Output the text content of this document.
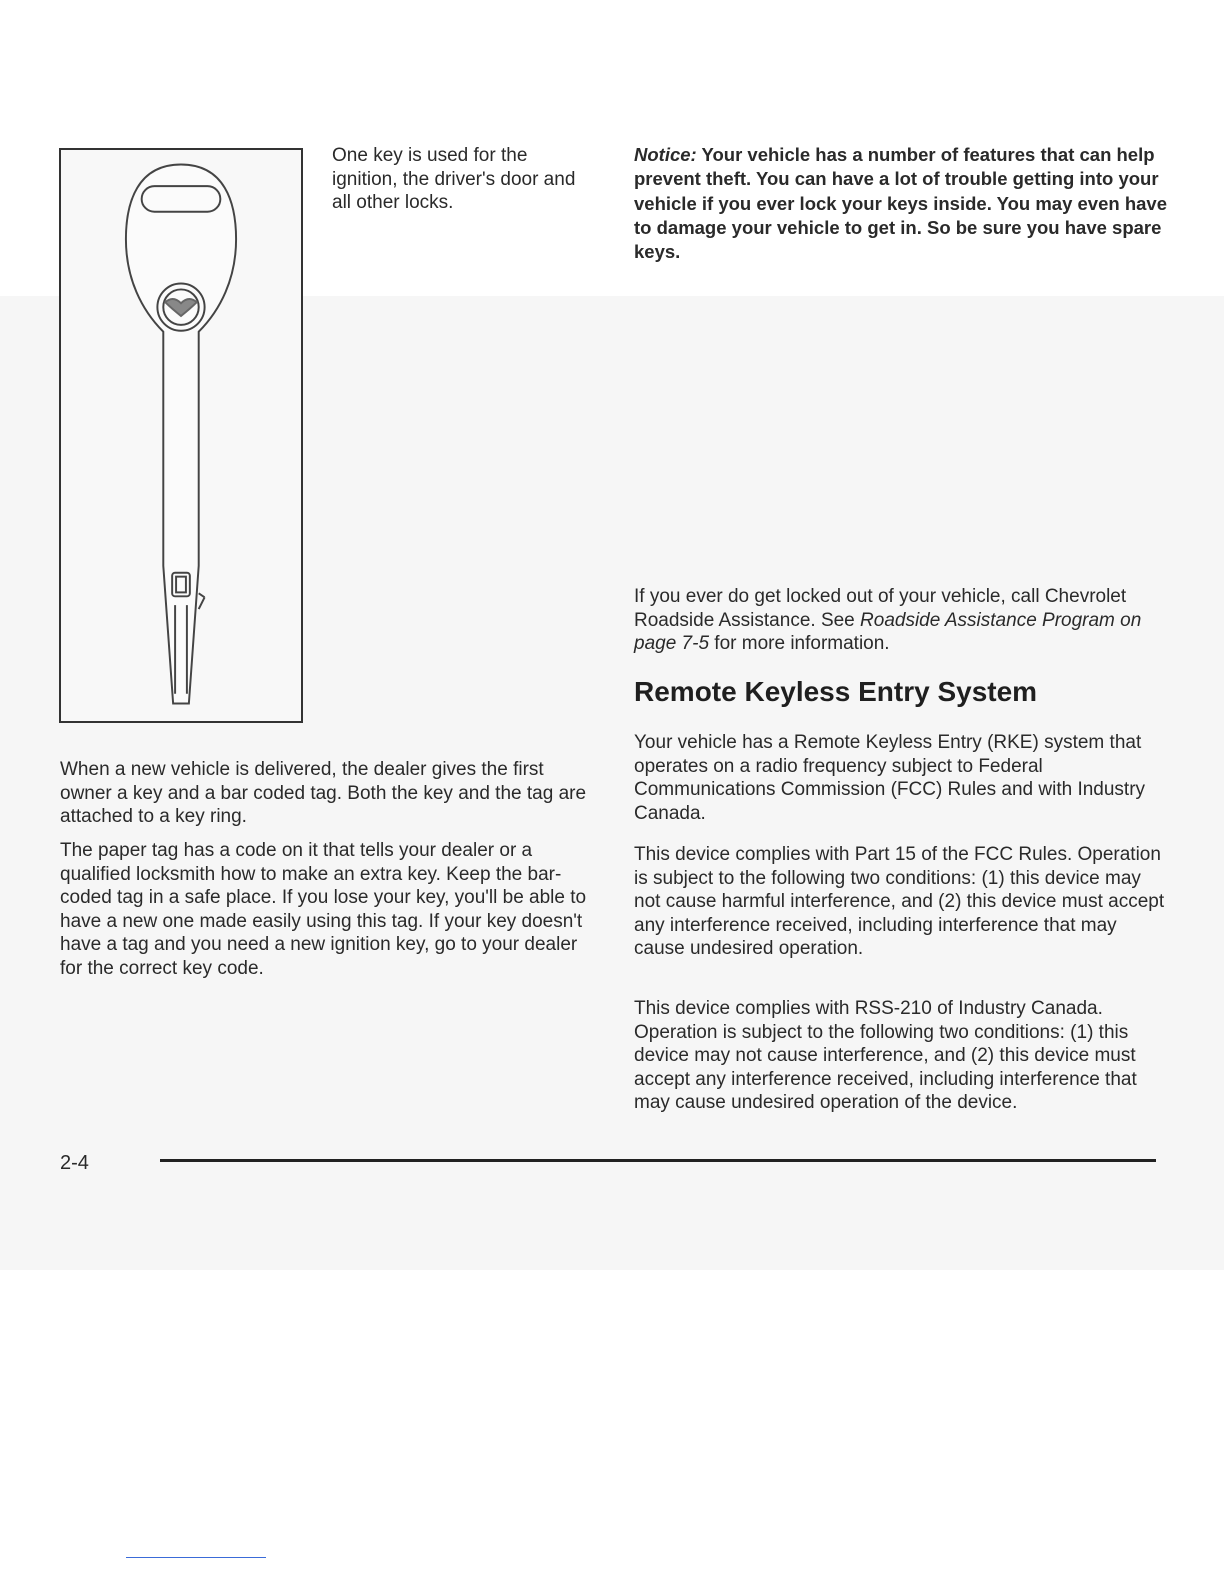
One key is used for the ignition, the driver's door and all other locks.

When a new vehicle is delivered, the dealer gives the first owner a key and a bar coded tag. Both the key and the tag are attached to a key ring.

The paper tag has a code on it that tells your dealer or a qualified locksmith how to make an extra key. Keep the bar-coded tag in a safe place. If you lose your key, you'll be able to have a new one made easily using this tag. If your key doesn't have a tag and you need a new ignition key, go to your dealer for the correct key code.

Notice: Your vehicle has a number of features that can help prevent theft. You can have a lot of trouble getting into your vehicle if you ever lock your keys inside. You may even have to damage your vehicle to get in. So be sure you have spare keys.

If you ever do get locked out of your vehicle, call Chevrolet Roadside Assistance. See Roadside Assistance Program on page 7-5 for more information.

Remote Keyless Entry System

Your vehicle has a Remote Keyless Entry (RKE) system that operates on a radio frequency subject to Federal Communications Commission (FCC) Rules and with Industry Canada.

This device complies with Part 15 of the FCC Rules. Operation is subject to the following two conditions: (1) this device may not cause harmful interference, and (2) this device must accept any interference received, including interference that may cause undesired operation.

This device complies with RSS-210 of Industry Canada. Operation is subject to the following two conditions: (1) this device may not cause interference, and (2) this device must accept any interference received, including interference that may cause undesired operation of the device.

2-4
